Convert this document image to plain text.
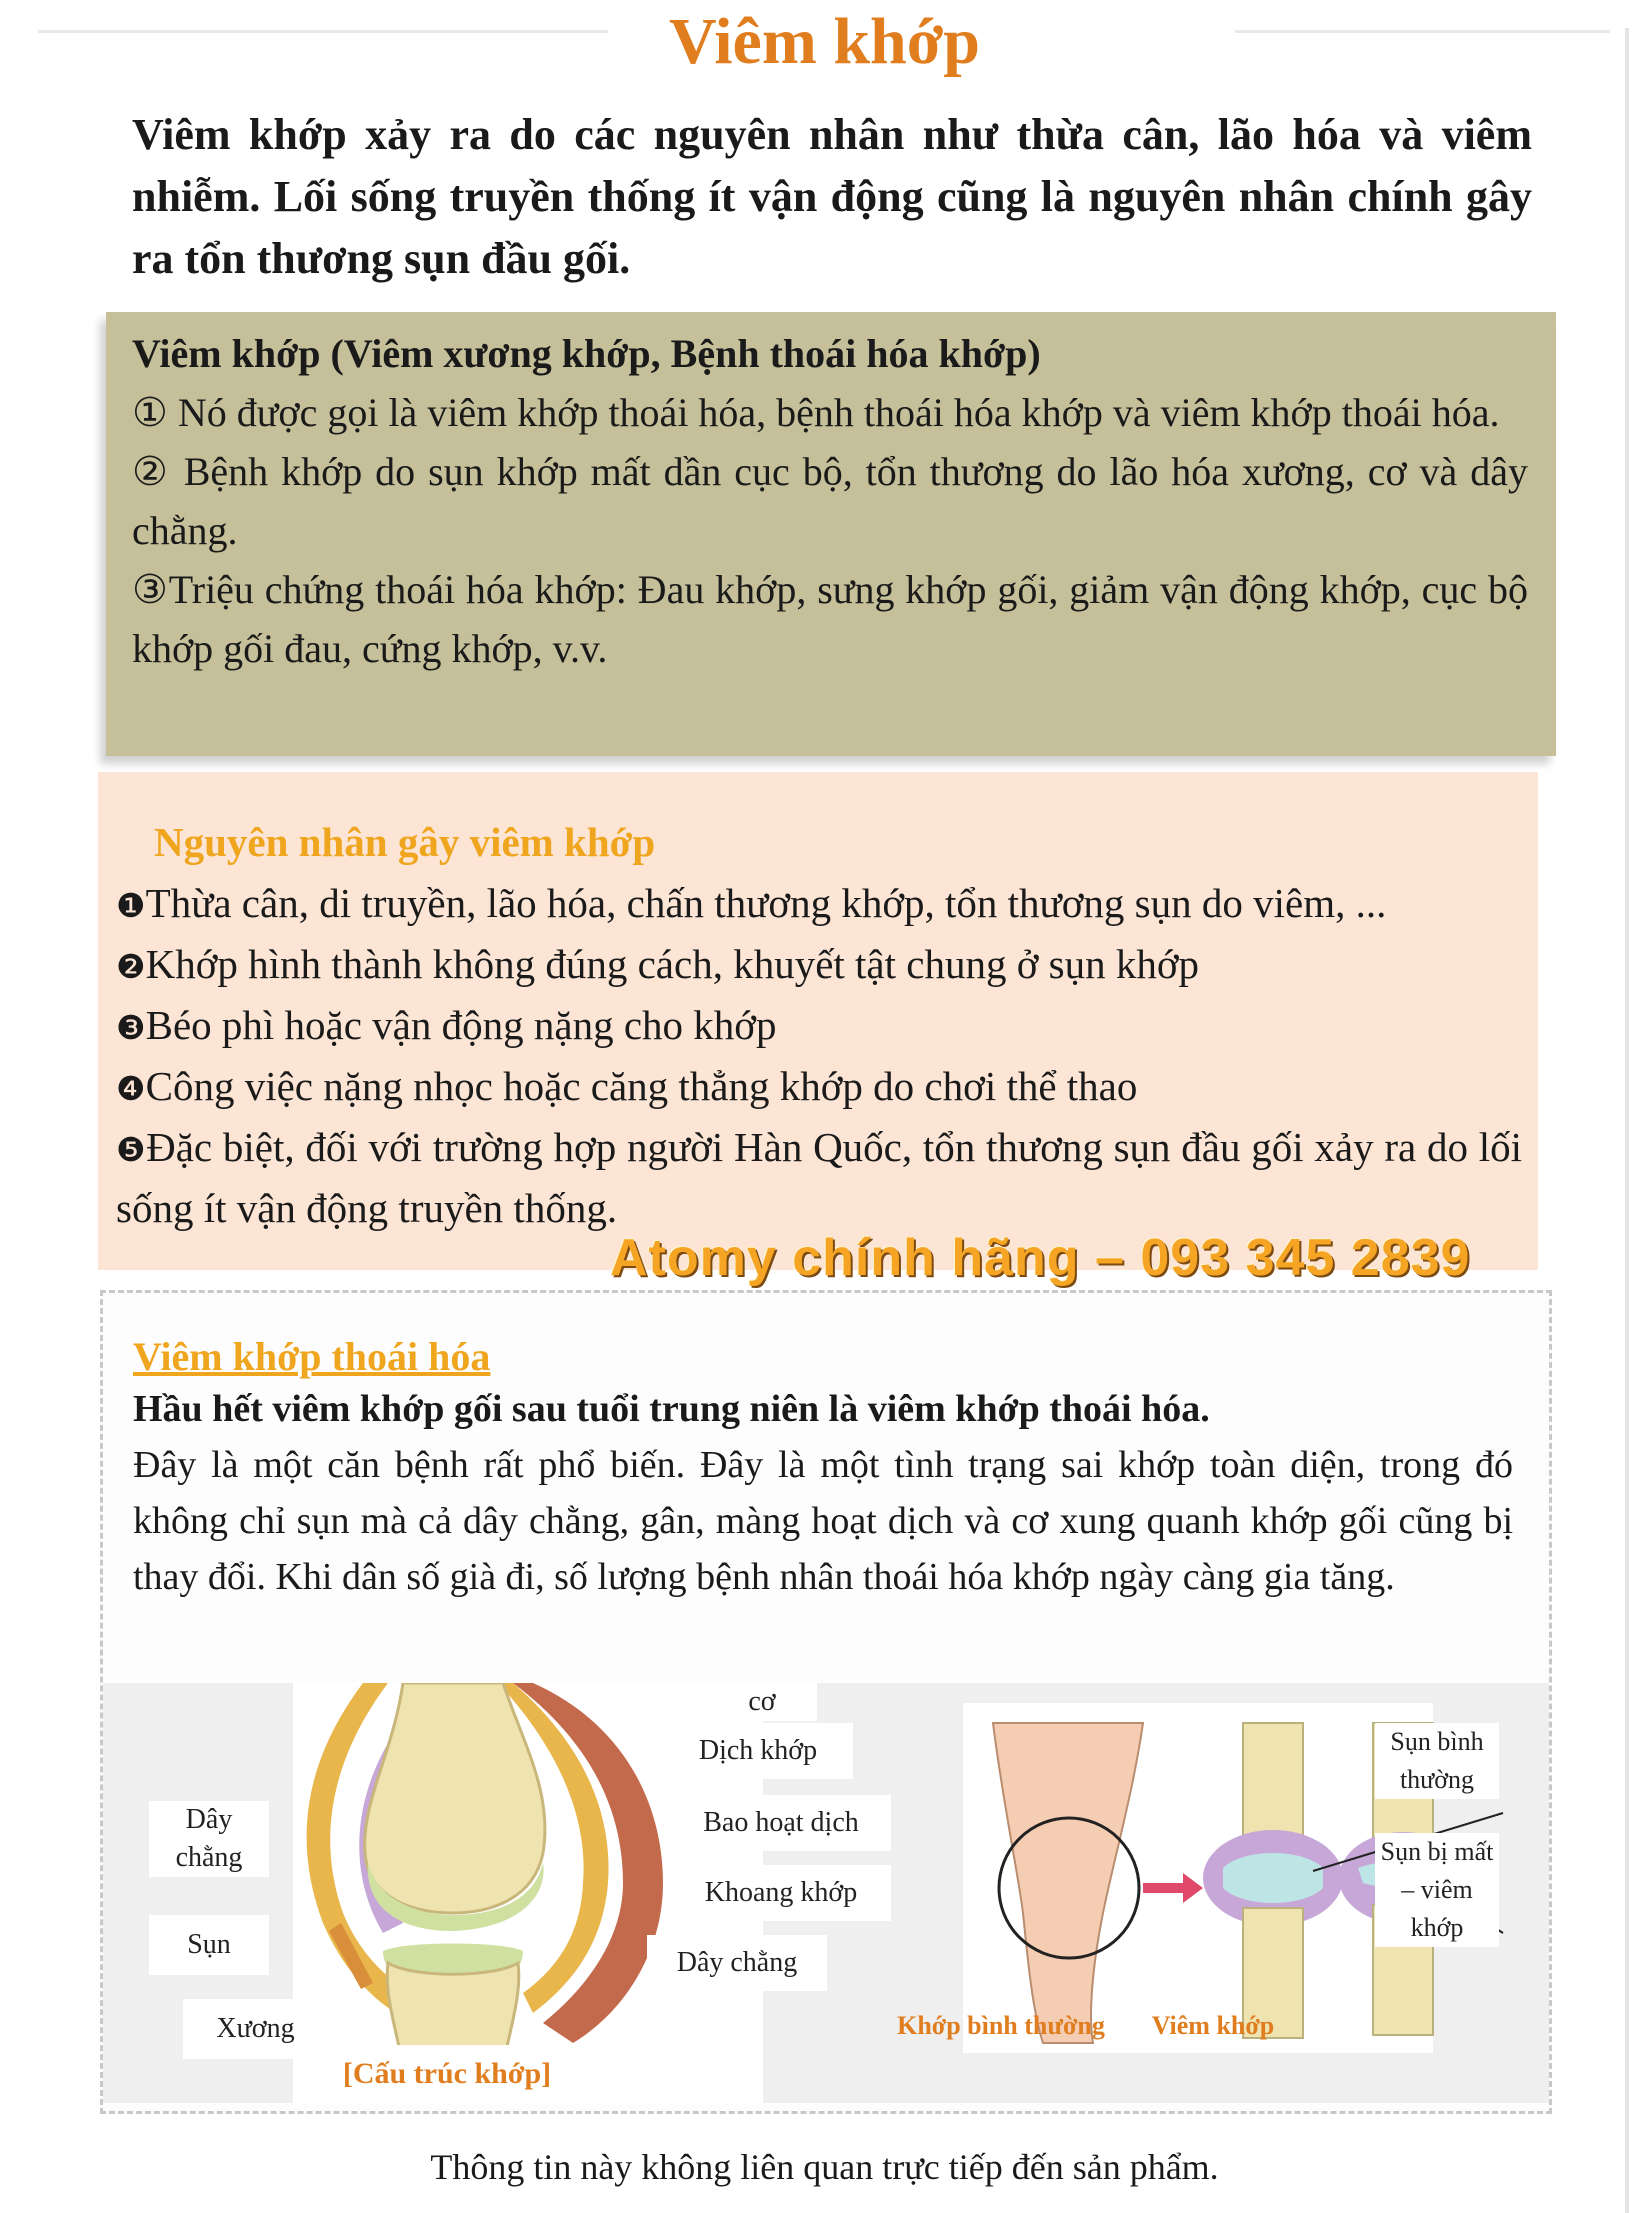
Viêm khớp
Viêm khớp xảy ra do các nguyên nhân như thừa cân, lão hóa và viêm nhiễm. Lối sống truyền thống ít vận động cũng là nguyên nhân chính gây ra tổn thương sụn đầu gối.

Viêm khớp (Viêm xương khớp, Bệnh thoái hóa khớp)

① Nó được gọi là viêm khớp thoái hóa, bệnh thoái hóa khớp và viêm khớp thoái hóa.

② Bệnh khớp do sụn khớp mất dần cục bộ, tổn thương do lão hóa xương, cơ và dây chằng.

③Triệu chứng thoái hóa khớp: Đau khớp, sưng khớp gối, giảm vận động khớp, cục bộ khớp gối đau, cứng khớp, v.v.

Nguyên nhân gây viêm khớp

❶Thừa cân, di truyền, lão hóa, chấn thương khớp, tổn thương sụn do viêm, ...

❷Khớp hình thành không đúng cách, khuyết tật chung ở sụn khớp

❸Béo phì hoặc vận động nặng cho khớp

❹Công việc nặng nhọc hoặc căng thẳng khớp do chơi thể thao

❺Đặc biệt, đối với trường hợp người Hàn Quốc, tổn thương sụn đầu gối xảy ra do lối sống ít vận động truyền thống.

Atomy chính hãng – 093 345 2839
Viêm khớp thoái hóa
Hầu hết viêm khớp gối sau tuổi trung niên là viêm khớp thoái hóa.
Đây là một căn bệnh rất phổ biến. Đây là một tình trạng sai khớp toàn diện, trong đó không chỉ sụn mà cả dây chằng, gân, màng hoạt dịch và cơ xung quanh khớp gối cũng bị thay đổi. Khi dân số già đi, số lượng bệnh nhân thoái hóa khớp ngày càng gia tăng.
Dây chằng
Sụn
Xương
[Cấu trúc khớp]
cơ
Dịch khớp
Bao hoạt dịch
Khoang khớp
Dây chằng
Sụn bình thường
Sụn bị mất – viêm khớp
Khớp bình thường	Viêm khớp
Thông tin này không liên quan trực tiếp đến sản phẩm.
